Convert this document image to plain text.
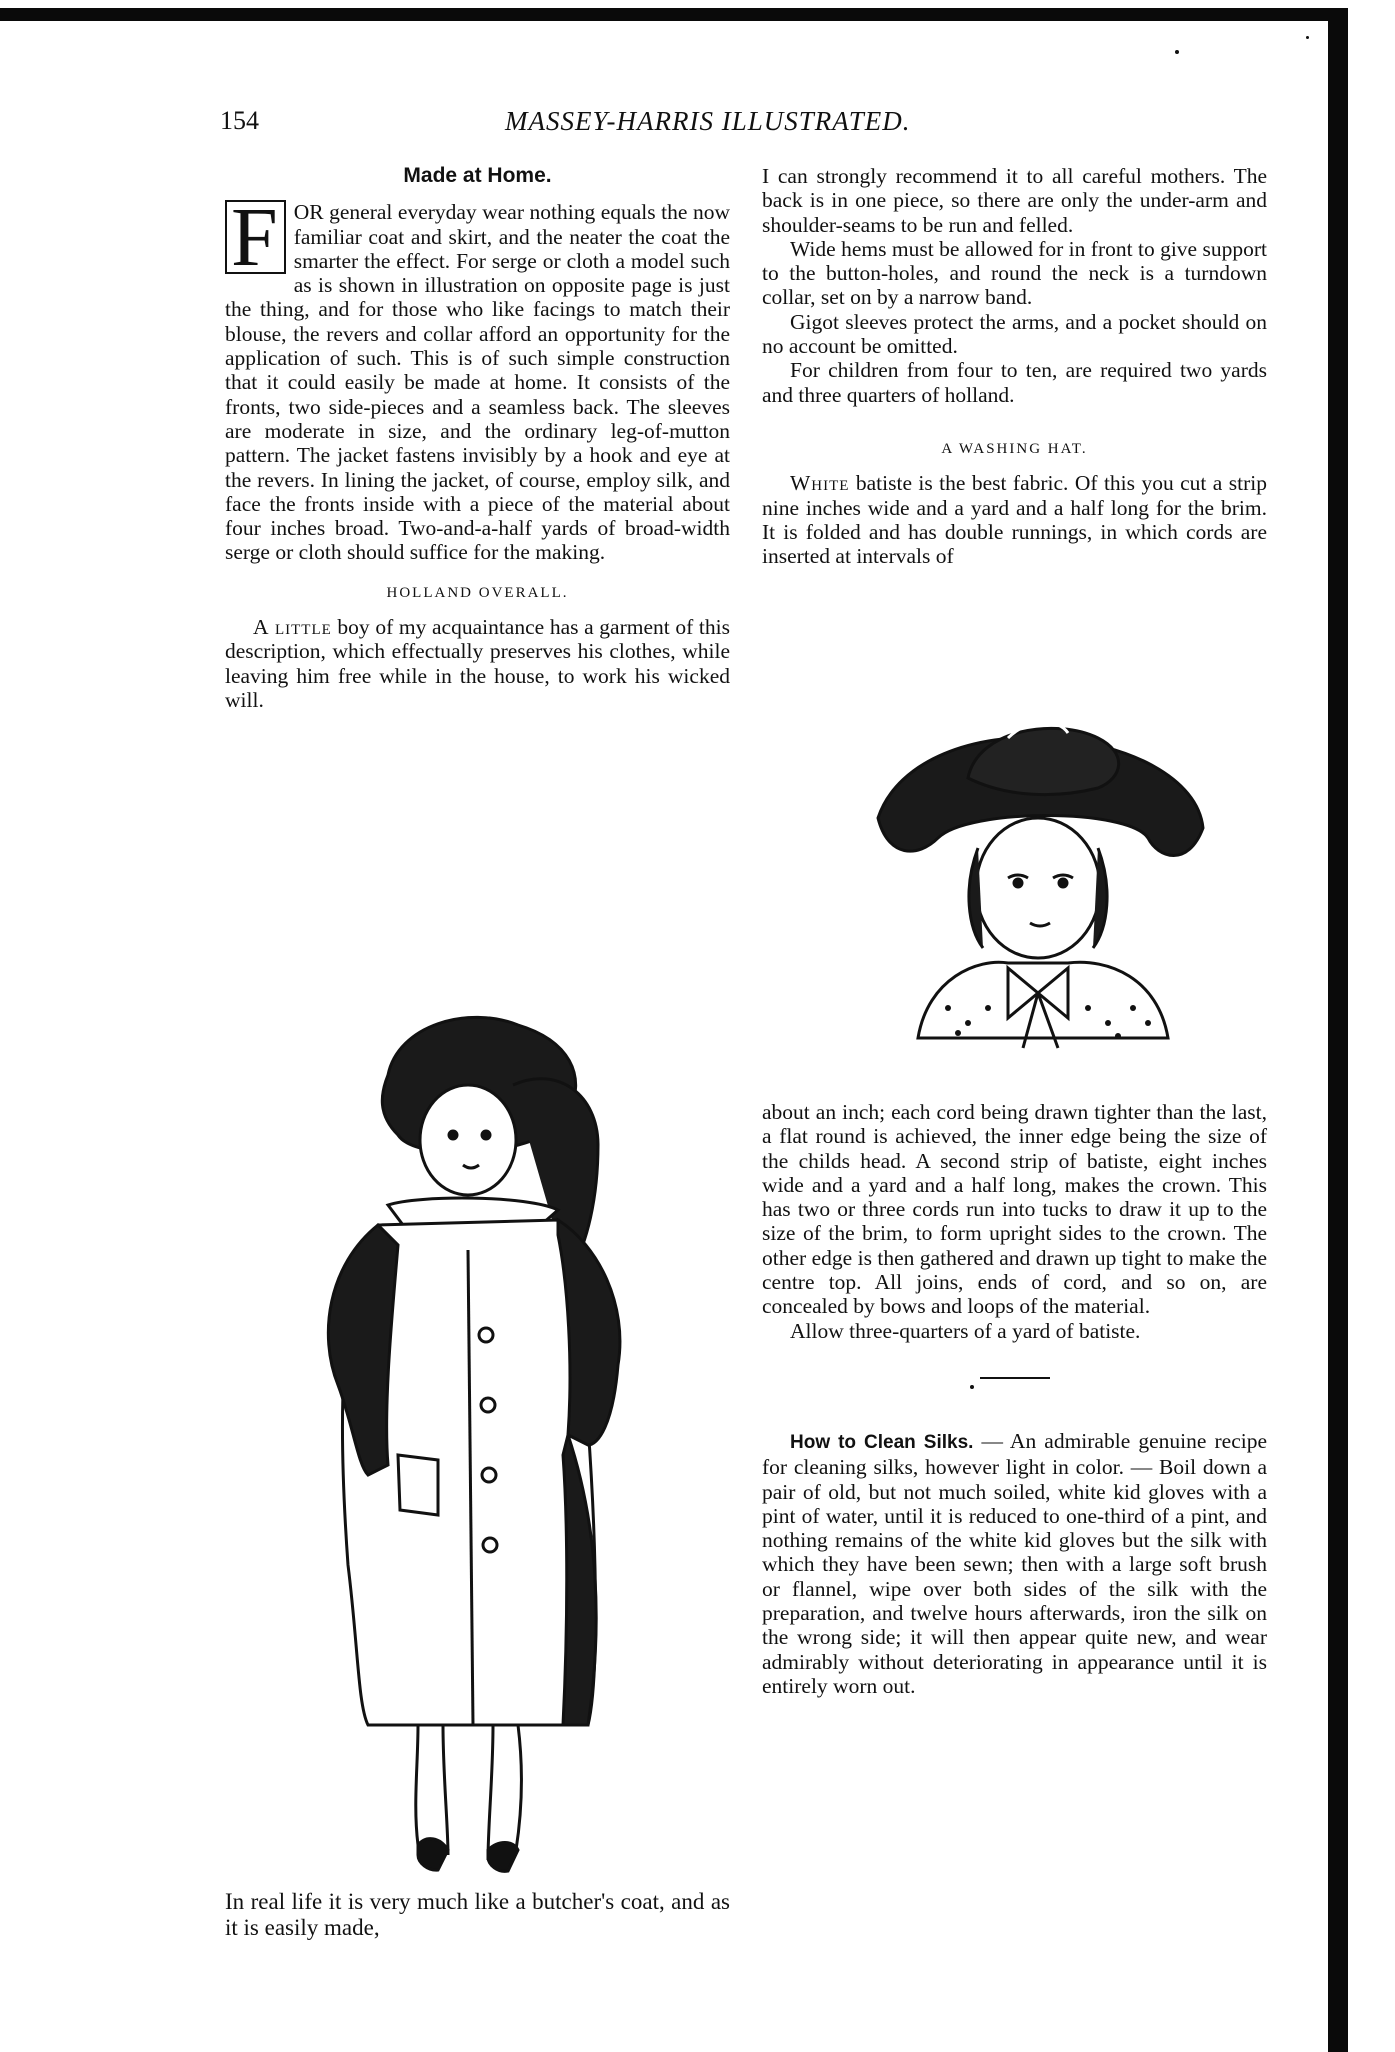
154	MASSEY-HARRIS ILLUSTRATED.
Made at Home.

F OR general everyday wear nothing equals the now familiar coat and skirt, and the neater the coat the smarter the effect. For serge or cloth a model such as is shown in illustration on opposite page is just the thing, and for those who like facings to match their blouse, the revers and collar afford an opportunity for the application of such. This is of such simple construction that it could easily be made at home. It consists of the fronts, two side-pieces and a seamless back. The sleeves are moderate in size, and the ordinary leg-of-mutton pattern. The jacket fastens invisibly by a hook and eye at the revers. In lining the jacket, of course, employ silk, and face the fronts inside with a piece of the material about four inches broad. Two-and-a-half yards of broad-width serge or cloth should suffice for the making.

HOLLAND OVERALL.

A little boy of my acquaintance has a garment of this description, which effectually preserves his clothes, while leaving him free while in the house, to work his wicked will.

In real life it is very much like a butcher's coat, and as it is easily made,

I can strongly recommend it to all careful mothers. The back is in one piece, so there are only the under-arm and shoulder-seams to be run and felled.

Wide hems must be allowed for in front to give support to the button-holes, and round the neck is a turndown collar, set on by a narrow band.

Gigot sleeves protect the arms, and a pocket should on no account be omitted.

For children from four to ten, are required two yards and three quarters of holland.

A WASHING HAT.

White batiste is the best fabric. Of this you cut a strip nine inches wide and a yard and a half long for the brim. It is folded and has double runnings, in which cords are inserted at intervals of

about an inch; each cord being drawn tighter than the last, a flat round is achieved, the inner edge being the size of the childs head. A second strip of batiste, eight inches wide and a yard and a half long, makes the crown. This has two or three cords run into tucks to draw it up to the size of the brim, to form upright sides to the crown. The other edge is then gathered and drawn up tight to make the centre top. All joins, ends of cord, and so on, are concealed by bows and loops of the material.

Allow three-quarters of a yard of batiste.

How to Clean Silks. — An admirable genuine recipe for cleaning silks, however light in color. — Boil down a pair of old, but not much soiled, white kid gloves with a pint of water, until it is reduced to one-third of a pint, and nothing remains of the white kid gloves but the silk with which they have been sewn; then with a large soft brush or flannel, wipe over both sides of the silk with the preparation, and twelve hours afterwards, iron the silk on the wrong side; it will then appear quite new, and wear admirably without deteriorating in appearance until it is entirely worn out.
